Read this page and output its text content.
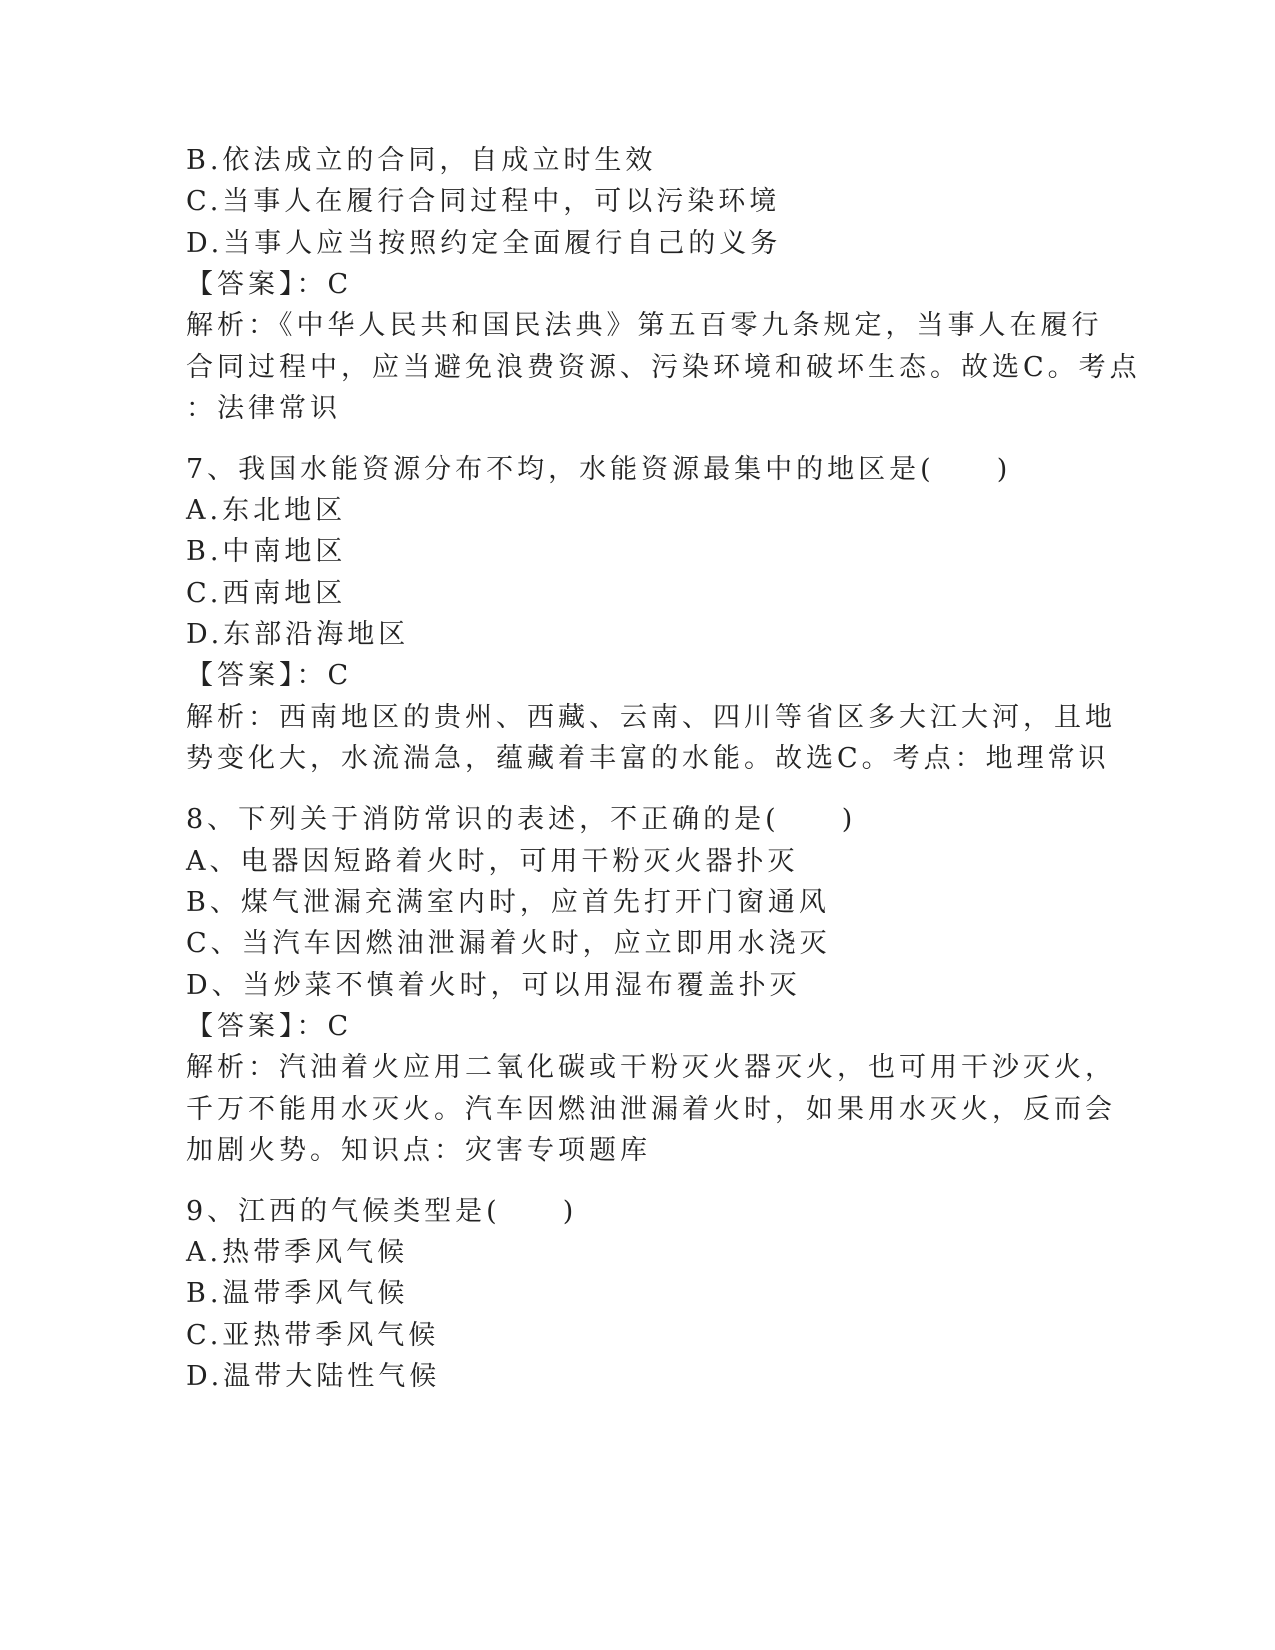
B.依法成立的合同，自成立时生效
C.当事人在履行合同过程中，可以污染环境
D.当事人应当按照约定全面履行自己的义务
【答案】：C
解析：《中华人民共和国民法典》第五百零九条规定，当事人在履行
合同过程中，应当避免浪费资源、污染环境和破坏生态。故选C。考点
：法律常识
7、我国水能资源分布不均，水能资源最集中的地区是(　　)
A.东北地区
B.中南地区
C.西南地区
D.东部沿海地区
【答案】：C
解析：西南地区的贵州、西藏、云南、四川等省区多大江大河，且地
势变化大，水流湍急，蕴藏着丰富的水能。故选C。考点：地理常识
8、下列关于消防常识的表述，不正确的是(　　)
A、电器因短路着火时，可用干粉灭火器扑灭
B、煤气泄漏充满室内时，应首先打开门窗通风
C、当汽车因燃油泄漏着火时，应立即用水浇灭
D、当炒菜不慎着火时，可以用湿布覆盖扑灭
【答案】：C
解析：汽油着火应用二氧化碳或干粉灭火器灭火，也可用干沙灭火，
千万不能用水灭火。汽车因燃油泄漏着火时，如果用水灭火，反而会
加剧火势。知识点：灾害专项题库
9、江西的气候类型是(　　)
A.热带季风气候
B.温带季风气候
C.亚热带季风气候
D.温带大陆性气候
